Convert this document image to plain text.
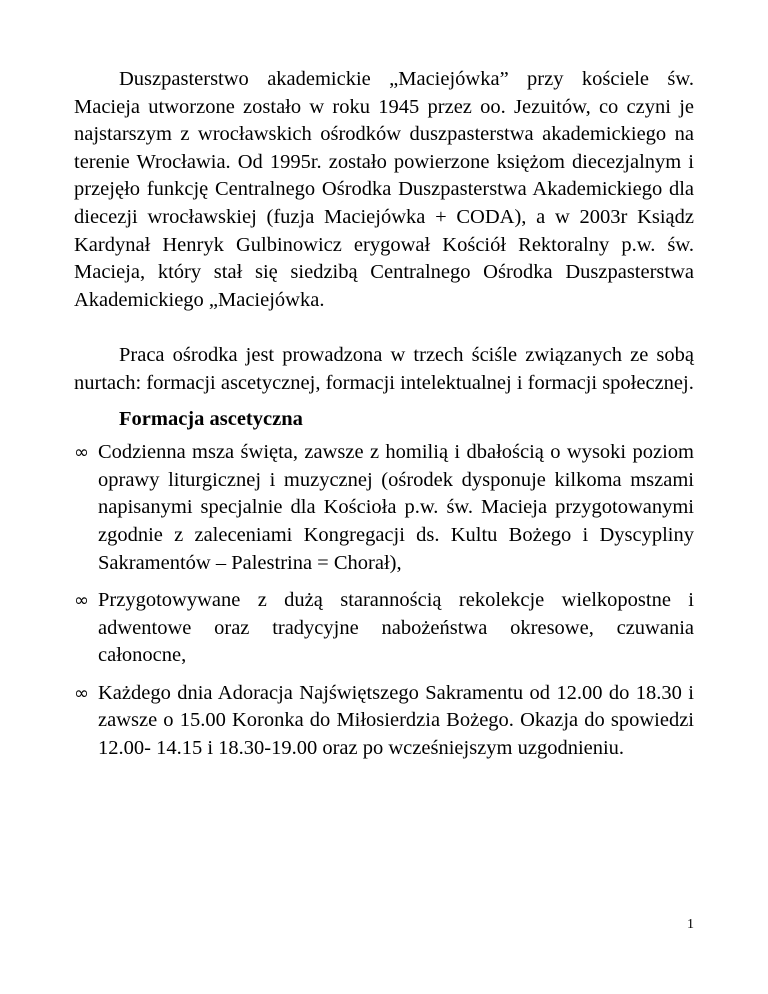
Duszpasterstwo akademickie „Maciejówka” przy kościele św. Macieja utworzone zostało w roku 1945 przez oo. Jezuitów, co czyni je najstarszym z wrocławskich ośrodków duszpasterstwa akademickiego na terenie Wrocławia. Od 1995r. zostało powierzone księżom diecezjalnym i przejęło funkcję Centralnego Ośrodka Duszpasterstwa Akademickiego dla diecezji wrocławskiej (fuzja Maciejówka + CODA), a w 2003r Ksiądz Kardynał Henryk Gulbinowicz erygował Kościół Rektoralny p.w. św. Macieja, który stał się siedzibą Centralnego Ośrodka Duszpasterstwa Akademickiego „Maciejówka.

Praca ośrodka jest prowadzona w trzech ściśle związanych ze sobą nurtach: formacji ascetycznej, formacji intelektualnej i formacji społecznej.

Formacja ascetyczna

∞ Codzienna msza święta, zawsze z homilią i dbałością o wysoki poziom oprawy liturgicznej i muzycznej (ośrodek dysponuje kilkoma mszami napisanymi specjalnie dla Kościoła p.w. św. Macieja przygotowanymi zgodnie z zaleceniami Kongregacji ds. Kultu Bożego i Dyscypliny Sakramentów – Palestrina = Chorał),
∞ Przygotowywane z dużą starannością rekolekcje wielkopostne i adwentowe oraz tradycyjne nabożeństwa okresowe, czuwania całonocne,
∞ Każdego dnia Adoracja Najświętszego Sakramentu od 12.00 do 18.30 i zawsze o 15.00 Koronka do Miłosierdzia Bożego. Okazja do spowiedzi 12.00- 14.15 i 18.30-19.00 oraz po wcześniejszym uzgodnieniu.
1
